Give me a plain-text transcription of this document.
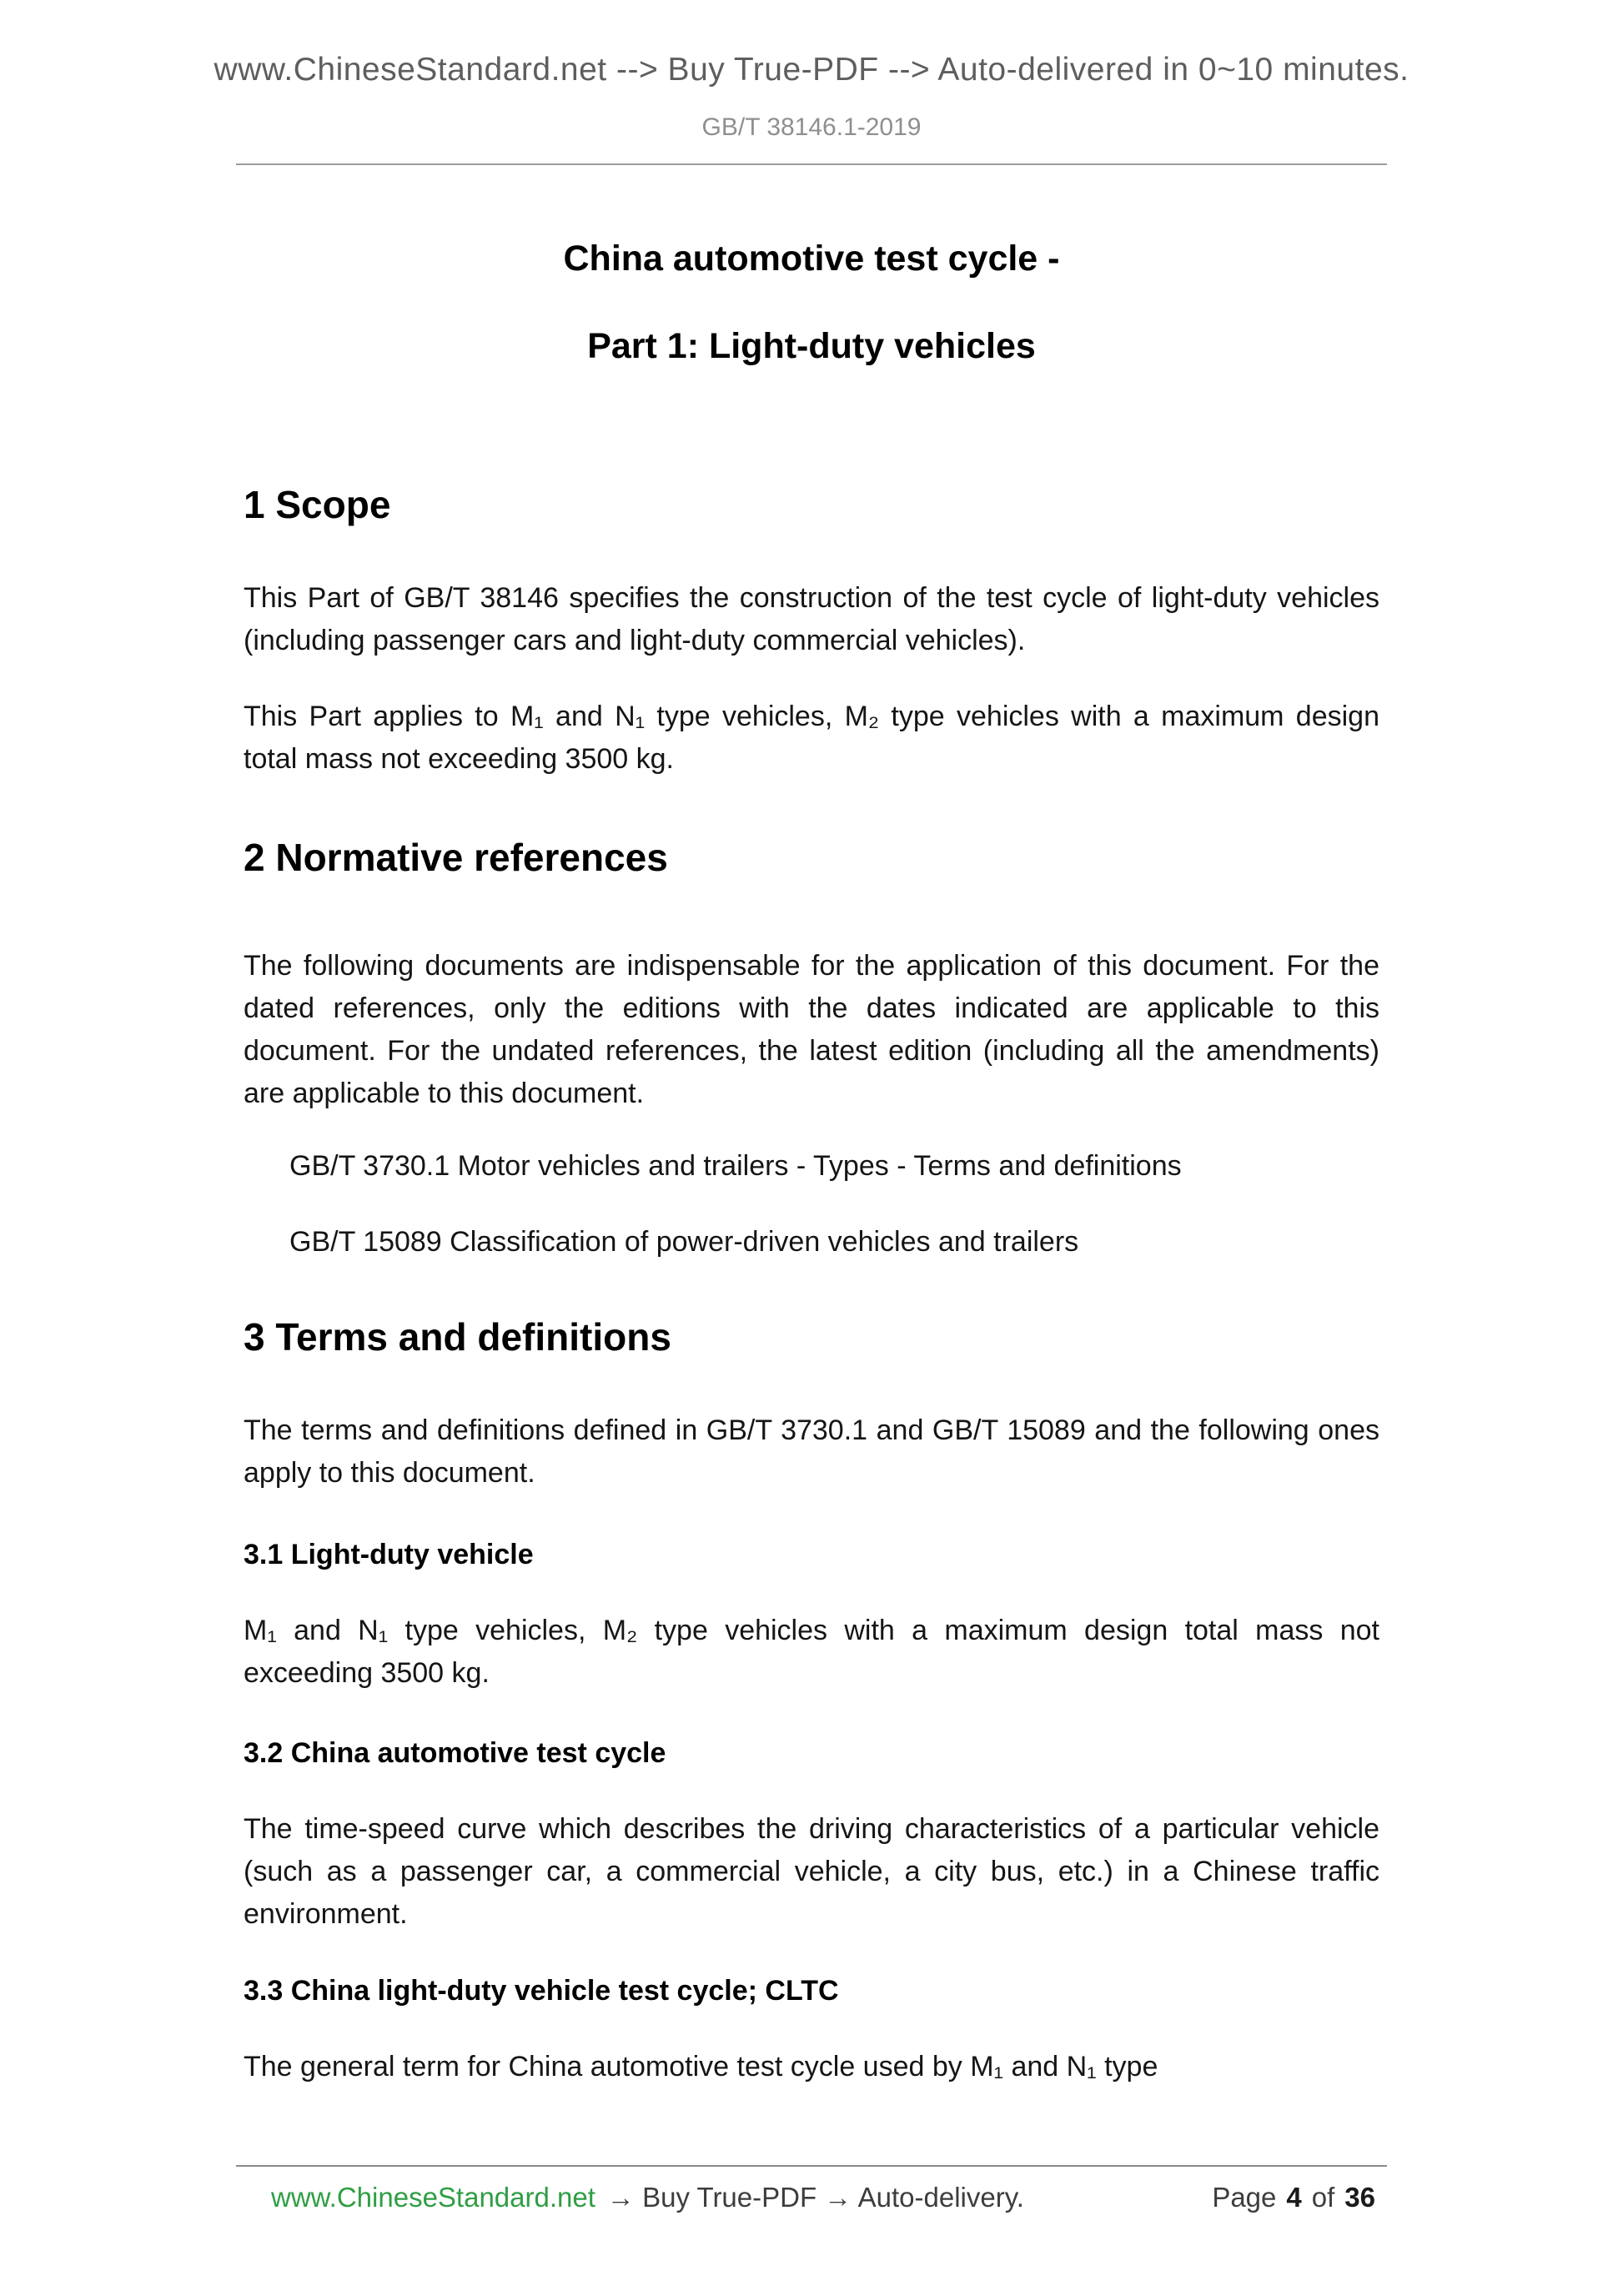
www.ChineseStandard.net --> Buy True-PDF --> Auto-delivered in 0~10 minutes.
GB/T 38146.1-2019
China automotive test cycle -
Part 1: Light-duty vehicles
1 Scope

This Part of GB/T 38146 specifies the construction of the test cycle of light-duty vehicles (including passenger cars and light-duty commercial vehicles).

This Part applies to M₁ and N₁ type vehicles, M₂ type vehicles with a maximum design total mass not exceeding 3500 kg.

2 Normative references

The following documents are indispensable for the application of this document. For the dated references, only the editions with the dates indicated are applicable to this document. For the undated references, the latest edition (including all the amendments) are applicable to this document.

GB/T 3730.1 Motor vehicles and trailers - Types - Terms and definitions

GB/T 15089 Classification of power-driven vehicles and trailers

3 Terms and definitions

The terms and definitions defined in GB/T 3730.1 and GB/T 15089 and the following ones apply to this document.

3.1 Light-duty vehicle

M₁ and N₁ type vehicles, M₂ type vehicles with a maximum design total mass not exceeding 3500 kg.

3.2 China automotive test cycle

The time-speed curve which describes the driving characteristics of a particular vehicle (such as a passenger car, a commercial vehicle, a city bus, etc.) in a Chinese traffic environment.

3.3 China light-duty vehicle test cycle; CLTC

The general term for China automotive test cycle used by M₁ and N₁ type

www.ChineseStandard.net → Buy True-PDF → Auto-delivery.	Page 4 of 36
